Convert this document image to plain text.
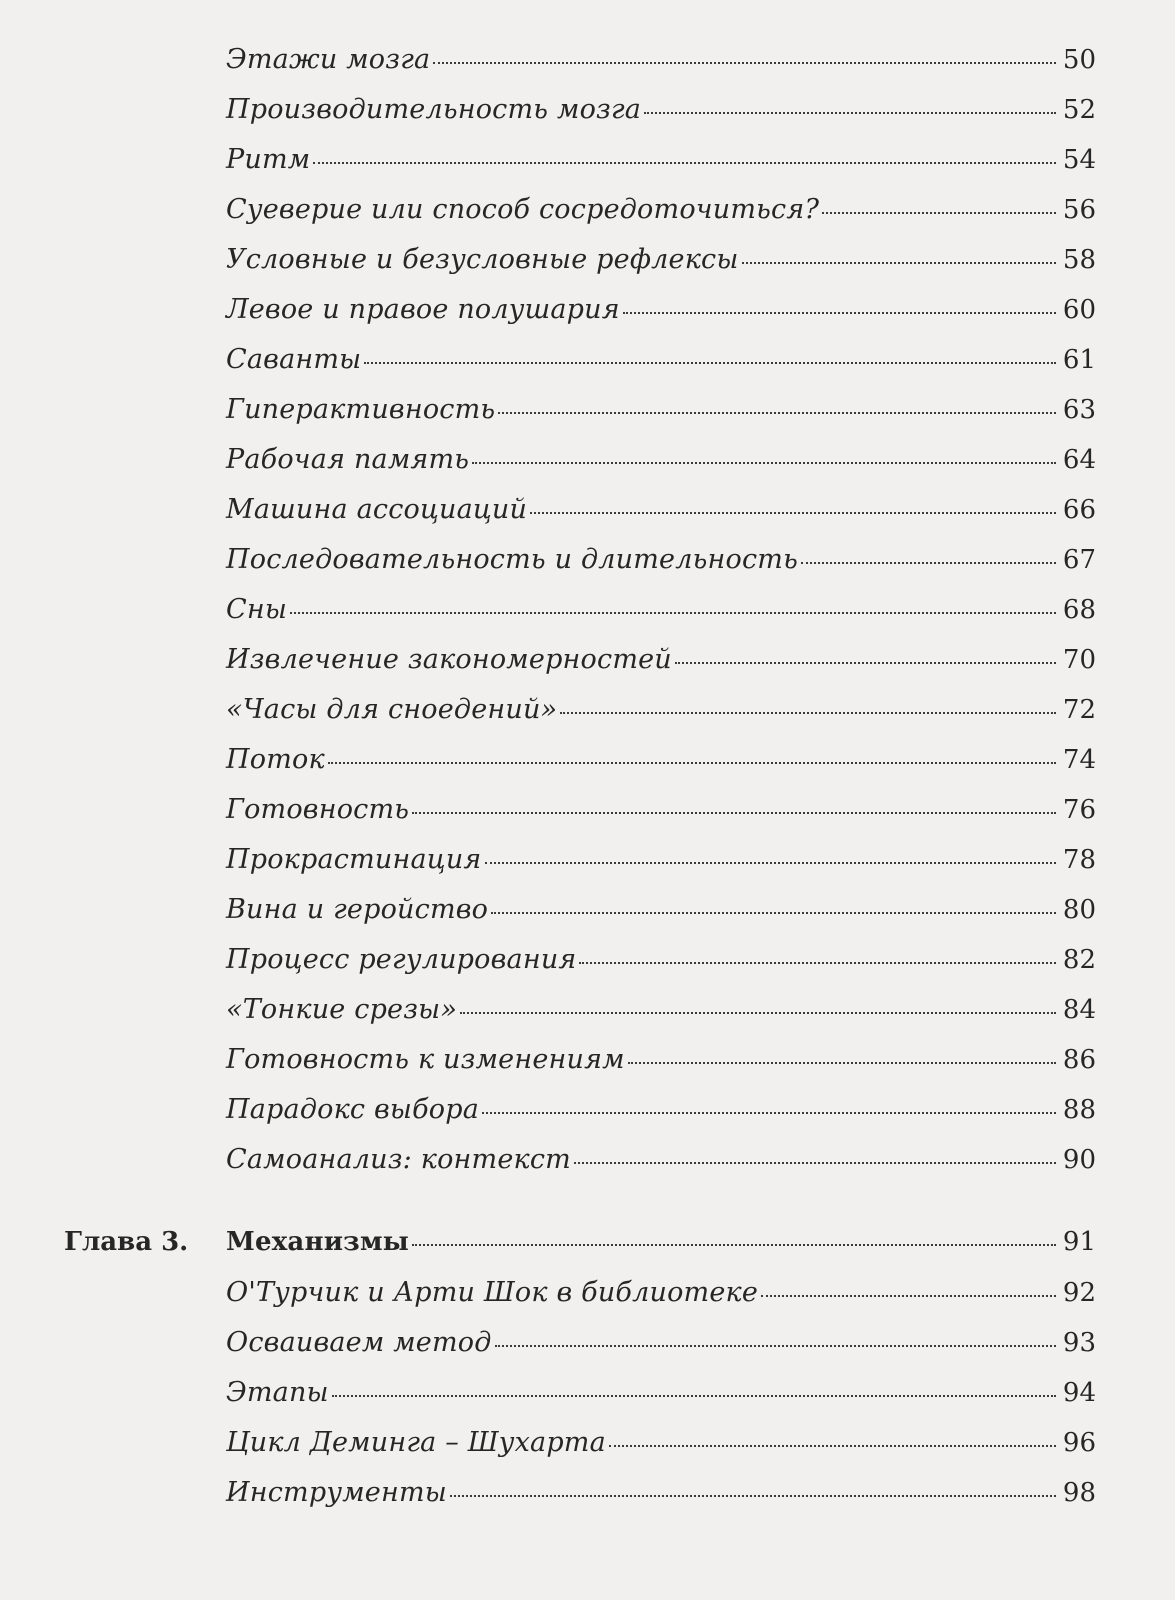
Этажи мозга	50
Производительность мозга	52
Ритм	54
Суеверие или способ сосредоточиться?	56
Условные и безусловные рефлексы	58
Левое и правое полушария	60
Саванты	61
Гиперактивность	63
Рабочая память	64
Машина ассоциаций	66
Последовательность и длительность	67
Сны	68
Извлечение закономерностей	70
«Часы для сноедений»	72
Поток	74
Готовность	76
Прокрастинация	78
Вина и геройство	80
Процесс регулирования	82
«Тонкие срезы»	84
Готовность к изменениям	86
Парадокс выбора	88
Самоанализ: контекст	90
Глава 3.	Механизмы	91
О'Турчик и Арти Шок в библиотеке	92
Осваиваем метод	93
Этапы	94
Цикл Деминга – Шухарта	96
Инструменты	98
